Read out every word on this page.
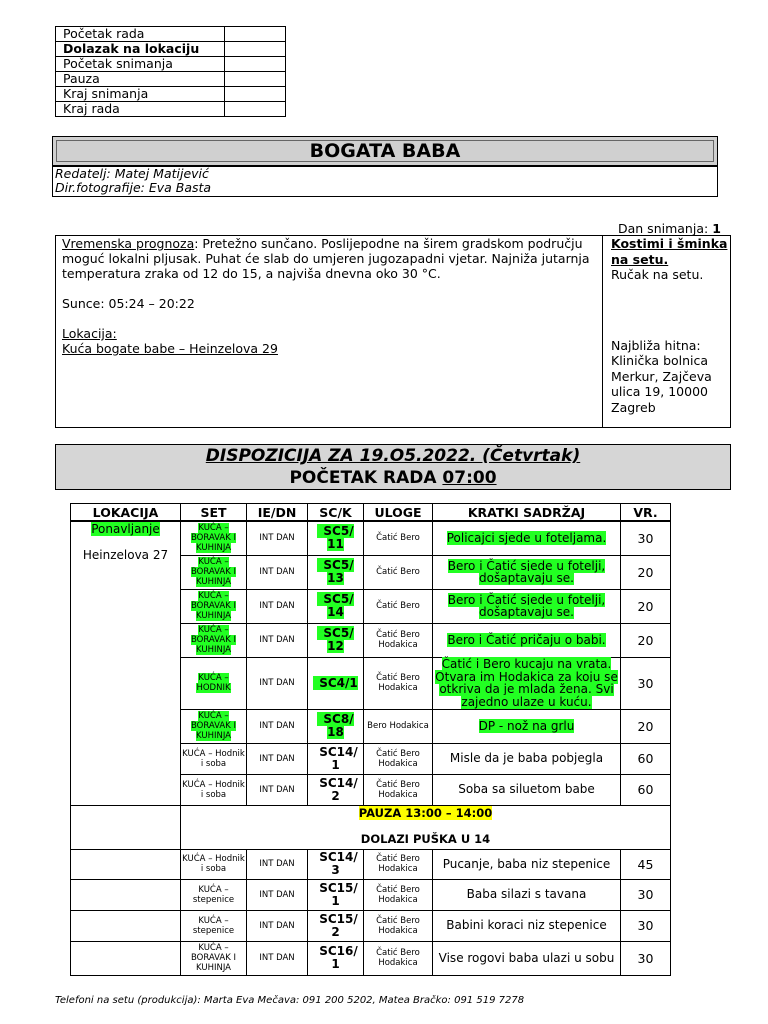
Početak rada	
Dolazak na lokaciju	
Početak snimanja	
Pauza	
Kraj snimanja	
Kraj rada	
BOGATA BABA
Redatelj: Matej Matijević
Dir.fotografije: Eva Basta
Dan snimanja: 1
Vremenska prognoza: Pretežno sunčano. Poslijepodne na širem gradskom području moguć lokalni pljusak. Puhat će slab do umjeren jugozapadni vjetar. Najniža jutarnja temperatura zraka od 12 do 15, a najviša dnevna oko 30 °C.
Sunce: 05:24 – 20:22
Lokacija:
Kuća bogate babe – Heinzelova 29
Kostimi i šminka na setu.
Ručak na setu.
Najbliža hitna: Klinička bolnica Merkur, Zajčeva ulica 19, 10000 Zagreb
DISPOZICIJA ZA 19.O5.2022. (Četvrtak)
POČETAK RADA 07:00
LOKACIJA	SET	IE/DN	SC/K	ULOGE	KRATKI SADRŽAJ	VR.

Ponavljanje
Heinzelova 27	KUĆA – BORAVAK I KUHINJA	INT DAN	SC5/ 11	Čatić Bero	Policajci sjede u foteljama.	30
	KUĆA – BORAVAK I KUHINJA	INT DAN	SC5/ 13	Čatić Bero	Bero i Čatić sjede u fotelji, došaptavaju se.	20
	KUĆA – BORAVAK I KUHINJA	INT DAN	SC5/ 14	Čatić Bero	Bero i Čatić sjede u fotelji, došaptavaju se.	20
	KUĆA – BORAVAK I KUHINJA	INT DAN	SC5/ 12	Čatić Bero Hodakica	Bero i Čatić pričaju o babi.	20
	KUĆA – HODNIK	INT DAN	SC4/1	Čatić Bero Hodakica	Čatić i Bero kucaju na vrata. Otvara im Hodakica za koju se otkriva da je mlada žena. Svi zajedno ulaze u kuću.	30
	KUĆA – BORAVAK I KUHINJA	INT DAN	SC8/ 18	Bero Hodakica	DP - nož na grlu	20
	KUĆA – Hodnik i soba	INT DAN	SC14/ 1	Čatić Bero Hodakica	Misle da je baba pobjegla	60
	KUĆA – Hodnik i soba	INT DAN	SC14/ 2	Čatić Bero Hodakica	Soba sa siluetom babe	60

	PAUZA 13:00 – 14:00
DOLAZI PUŠKA U 14					

	KUĆA – Hodnik i soba	INT DAN	SC14/ 3	Čatić Bero Hodakica	Pucanje, baba niz stepenice	45
	KUĆA – stepenice	INT DAN	SC15/ 1	Čatić Bero Hodakica	Baba silazi s tavana	30
	KUĆA – stepenice	INT DAN	SC15/ 2	Čatić Bero Hodakica	Babini koraci niz stepenice	30
	KUĆA – BORAVAK I KUHINJA	INT DAN	SC16/ 1	Čatić Bero Hodakica	Vise rogovi baba ulazi u sobu	30
Telefoni na setu (produkcija): Marta Eva Mečava: 091 200 5202, Matea Bračko: 091 519 7278
